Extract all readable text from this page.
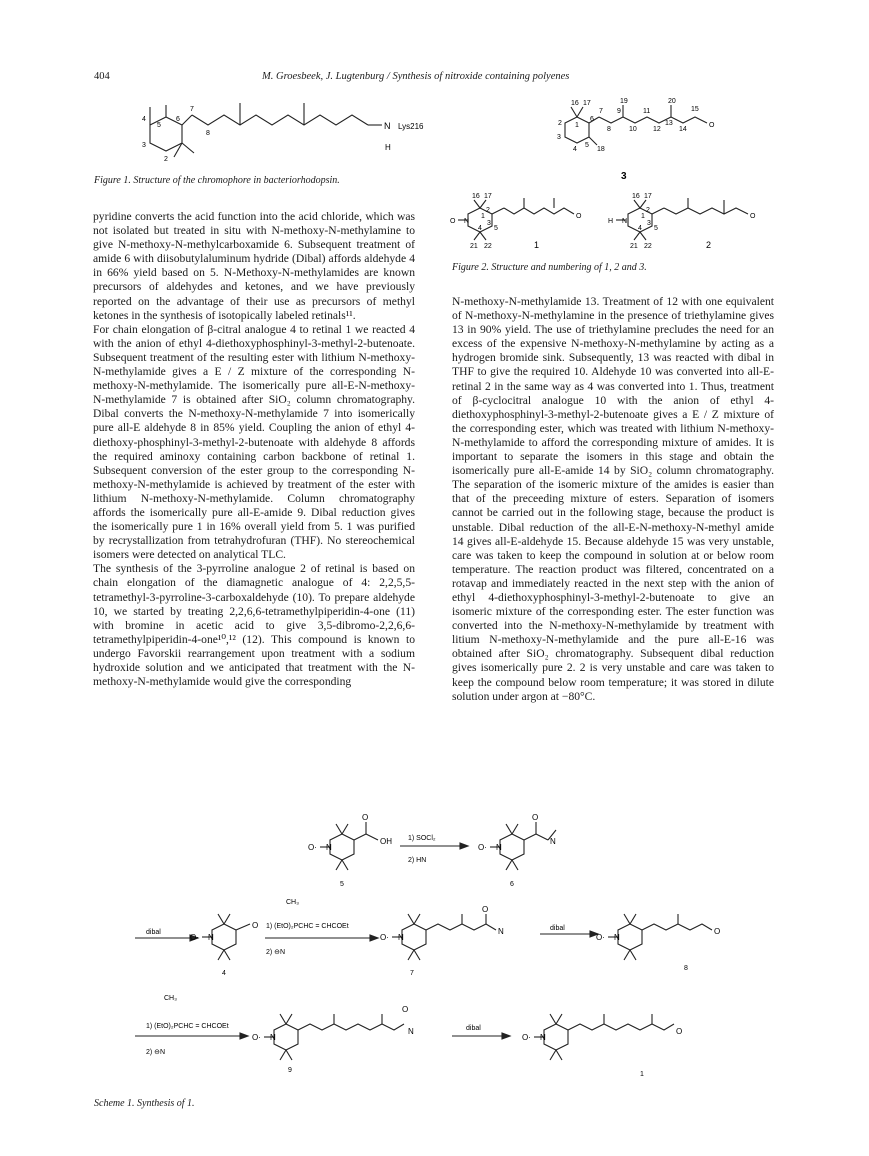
404	M. Groesbeek, J. Lugtenburg / Synthesis of nitroxide containing polyenes
4
5
6
7
8
3
2
N Lys216
H
Figure 1. Structure of the chromophore in bacteriorhodopsin.
16 17	19	20
15
2 1
6
7
8
9
10
11
12
13
14
3
4
5
18
O
3
16 17
O N
1
2
3
4 5
21 22
O
1
16 17
H N
1
2
3
4 5
21 22
O
2
Figure 2. Structure and numbering of 1, 2 and 3.

pyridine converts the acid function into the acid chloride, which was not isolated but treated in situ with N-methoxy-N-methylamine to give N-methoxy-N-methylcarboxamide 6. Subsequent treatment of amide 6 with diisobutylaluminum hydride (Dibal) affords aldehyde 4 in 66% yield based on 5. N-Methoxy-N-methylamides are known precursors of aldehydes and ketones, and we have previously reported on the advantage of their use as precursors of methyl ketones in the synthesis of isotopically labeled retinals¹¹.

For chain elongation of β-citral analogue 4 to retinal 1 we reacted 4 with the anion of ethyl 4-diethoxyphosphinyl-3-methyl-2-butenoate. Subsequent treatment of the resulting ester with lithium N-methoxy-N-methylamide gives a E / Z mixture of the corresponding N-methoxy-N-methylamide. The isomerically pure all-E-N-methoxy-N-methylamide 7 is obtained after SiO₂ column chromatography. Dibal converts the N-methoxy-N-methylamide 7 into isomerically pure all-E aldehyde 8 in 85% yield. Coupling the anion of ethyl 4-diethoxy-phosphinyl-3-methyl-2-butenoate with aldehyde 8 affords the required aminoxy containing carbon backbone of retinal 1. Subsequent conversion of the ester group to the corresponding N-methoxy-N-methylamide is achieved by treatment of the ester with lithium N-methoxy-N-methylamide. Column chromatography affords the isomerically pure all-E-amide 9. Dibal reduction gives the isomerically pure 1 in 16% overall yield from 5. 1 was purified by recrystallization from tetrahydrofuran (THF). No stereochemical isomers were detected on analytical TLC.

The synthesis of the 3-pyrroline analogue 2 of retinal is based on chain elongation of the diamagnetic analogue of 4: 2,2,5,5-tetramethyl-3-pyrroline-3-carboxaldehyde (10). To prepare aldehyde 10, we started by treating 2,2,6,6-tetramethylpiperidin-4-one (11) with bromine in acetic acid to give 3,5-dibromo-2,2,6,6-tetramethylpiperidin-4-one¹⁰,¹² (12). This compound is known to undergo Favorskii rearrangement upon treatment with a sodium hydroxide solution and we anticipated that treatment with the N-methoxy-N-methylamide would give the corresponding

N-methoxy-N-methylamide 13. Treatment of 12 with one equivalent of N-methoxy-N-methylamine in the presence of triethylamine gives 13 in 90% yield. The use of triethylamine precludes the need for an excess of the expensive N-methoxy-N-methylamine by acting as a hydrogen bromide sink. Subsequently, 13 was reacted with dibal in THF to give the required 10. Aldehyde 10 was converted into all-E-retinal 2 in the same way as 4 was converted into 1. Thus, treatment of β-cyclocitral analogue 10 with the anion of ethyl 4-diethoxyphosphinyl-3-methyl-2-butenoate gives a E / Z mixture of the corresponding ester, which was treated with lithium N-methoxy-N-methylamide to afford the corresponding mixture of amides. It is important to separate the isomers in this stage and obtain the isomerically pure all-E-amide 14 by SiO₂ column chromatography. The separation of the isomeric mixture of the amides is easier than that of the preceeding mixture of esters. Separation of isomers cannot be carried out in the following stage, because the product is unstable. Dibal reduction of the all-E-N-methoxy-N-methyl amide 14 gives all-E-aldehyde 15. Because aldehyde 15 was very unstable, care was taken to keep the compound in solution at or below room temperature. The reaction product was filtered, concentrated on a rotavap and immediately reacted in the next step with the anion of ethyl 4-diethoxyphosphinyl-3-methyl-2-butenoate to give an isomeric mixture of the corresponding ester. The ester function was converted into the N-methoxy-N-methylamide by treatment with litium N-methoxy-N-methylamide and the pure all-E-16 was obtained after SiO₂ chromatography. Subsequent dibal reduction gives isomerically pure 2. 2 is very unstable and care was taken to keep the compound below room temperature; it was stored in dilute solution under argon at −80°C.

O· N
O
OH 1) SOCl₂
2) HN
5
O· N
O
N
6
dibal
O· N
O
4
1) (EtO)₂PCHC = CHCOEt
CH₃
2) ⊖N
O· N
O
N
7
dibal
O· N
O
8
1) (EtO)₂PCHC = CHCOEt
CH₃
2) ⊖N
O· N
O
N
9
dibal
O· N
O
1
Scheme 1. Synthesis of 1.
